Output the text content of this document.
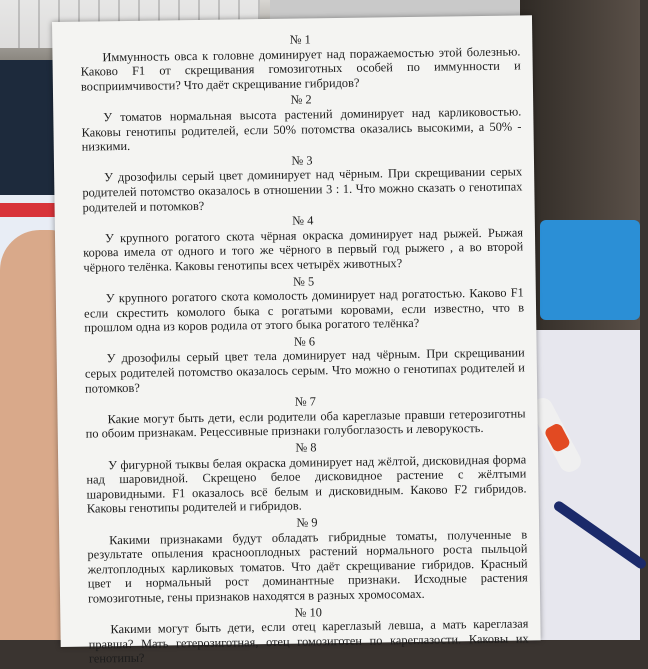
№ 1

Иммунность овса к головне доминирует над поражаемостью этой болезнью. Каково F1 от скрещивания гомозиготных особей по иммунности и восприимчивости? Что даёт скрещивание гибридов?

№ 2

У томатов нормальная высота растений доминирует над карликовостью. Каковы генотипы родителей, если 50% потомства оказались высокими, а 50% - низкими.

№ 3

У дрозофилы серый цвет доминирует над чёрным. При скрещивании серых родителей потомство оказалось в отношении 3 : 1. Что можно сказать о генотипах родителей и потомков?

№ 4

У крупного рогатого скота чёрная окраска доминирует над рыжей. Рыжая корова имела от одного и того же чёрного в первый год рыжего , а во второй чёрного телёнка. Каковы генотипы всех четырёх животных?

№ 5

У крупного рогатого скота комолость доминирует над рогатостью. Каково F1 если скрестить комолого быка с рогатыми коровами, если известно, что в прошлом одна из коров родила от этого быка рогатого телёнка?

№ 6

У дрозофилы серый цвет тела доминирует над чёрным. При скрещивании серых родителей потомство оказалось серым. Что можно о генотипах родителей и потомков?

№ 7

Какие могут быть дети, если родители оба кареглазые правши гетерозиготны по обоим признакам. Рецессивные признаки голубоглазость и леворукость.

№ 8

У фигурной тыквы белая окраска доминирует над жёлтой, дисковидная форма над шаровидной. Скрещено белое дисковидное растение с жёлтыми шаровидными. F1 оказалось всё белым и дисковидным. Каково F2 гибридов. Каковы генотипы родителей и гибридов.

№ 9

Какими признаками будут обладать гибридные томаты, полученные в результате опыления краснооплодных растений нормального роста пыльцой желтоплодных карликовых томатов. Что даёт скрещивание гибридов. Красный цвет и нормальный рост доминантные признаки. Исходные растения гомозиготные, гены признаков находятся в разных хромосомах.

№ 10

Какими могут быть дети, если отец кареглазый левша, а мать кареглазая правша? Мать гетерозиготная, отец гомозиготен по кареглазости. Каковы их генотипы?
